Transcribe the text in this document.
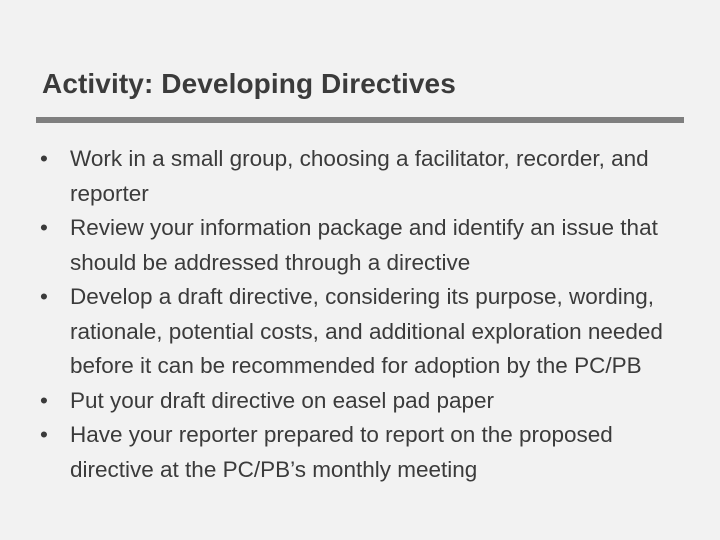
Activity: Developing Directives
• Work in a small group, choosing a facilitator, recorder, and reporter
• Review your information package and identify an issue that should be addressed through a directive
• Develop a draft directive, considering its purpose, wording, rationale, potential costs, and additional exploration needed before it can be recommended for adoption by the PC/PB
• Put your draft directive on easel pad paper
• Have your reporter prepared to report on the proposed directive at the PC/PB’s monthly meeting
